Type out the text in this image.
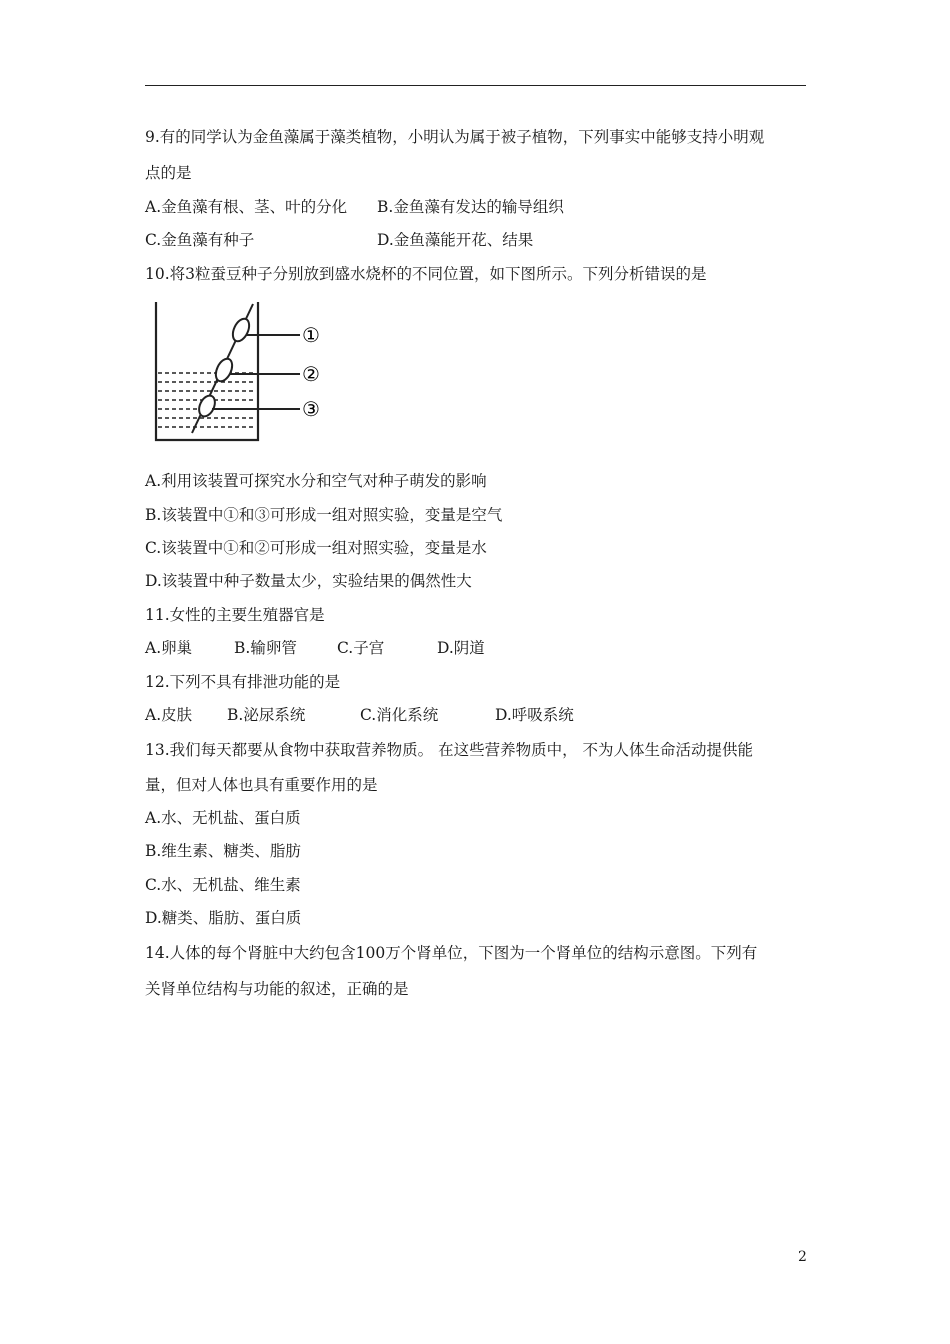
9.有的同学认为金鱼藻属于藻类植物，小明认为属于被子植物，下列事实中能够支持小明观
点的是
A.金鱼藻有根、茎、叶的分化 B.金鱼藻有发达的输导组织
C.金鱼藻有种子	D.金鱼藻能开花、结果
10.将3粒蚕豆种子分别放到盛水烧杯的不同位置，如下图所示。下列分析错误的是
①
②
③
A.利用该装置可探究水分和空气对种子萌发的影响
B.该装置中①和③可形成一组对照实验，变量是空气
C.该装置中①和②可形成一组对照实验，变量是水
D.该装置中种子数量太少，实验结果的偶然性大
11.女性的主要生殖器官是
A.卵巢	B.输卵管	C.子宫	D.阴道
12.下列不具有排泄功能的是
A.皮肤 B.泌尿系统	C.消化系统	D.呼吸系统
13.我们每天都要从食物中获取营养物质。 在这些营养物质中， 不为人体生命活动提供能
量，但对人体也具有重要作用的是
A.水、无机盐、蛋白质
B.维生素、糖类、脂肪
C.水、无机盐、维生素
D.糖类、脂肪、蛋白质
14.人体的每个肾脏中大约包含100万个肾单位，下图为一个肾单位的结构示意图。下列有
关肾单位结构与功能的叙述，正确的是
2
